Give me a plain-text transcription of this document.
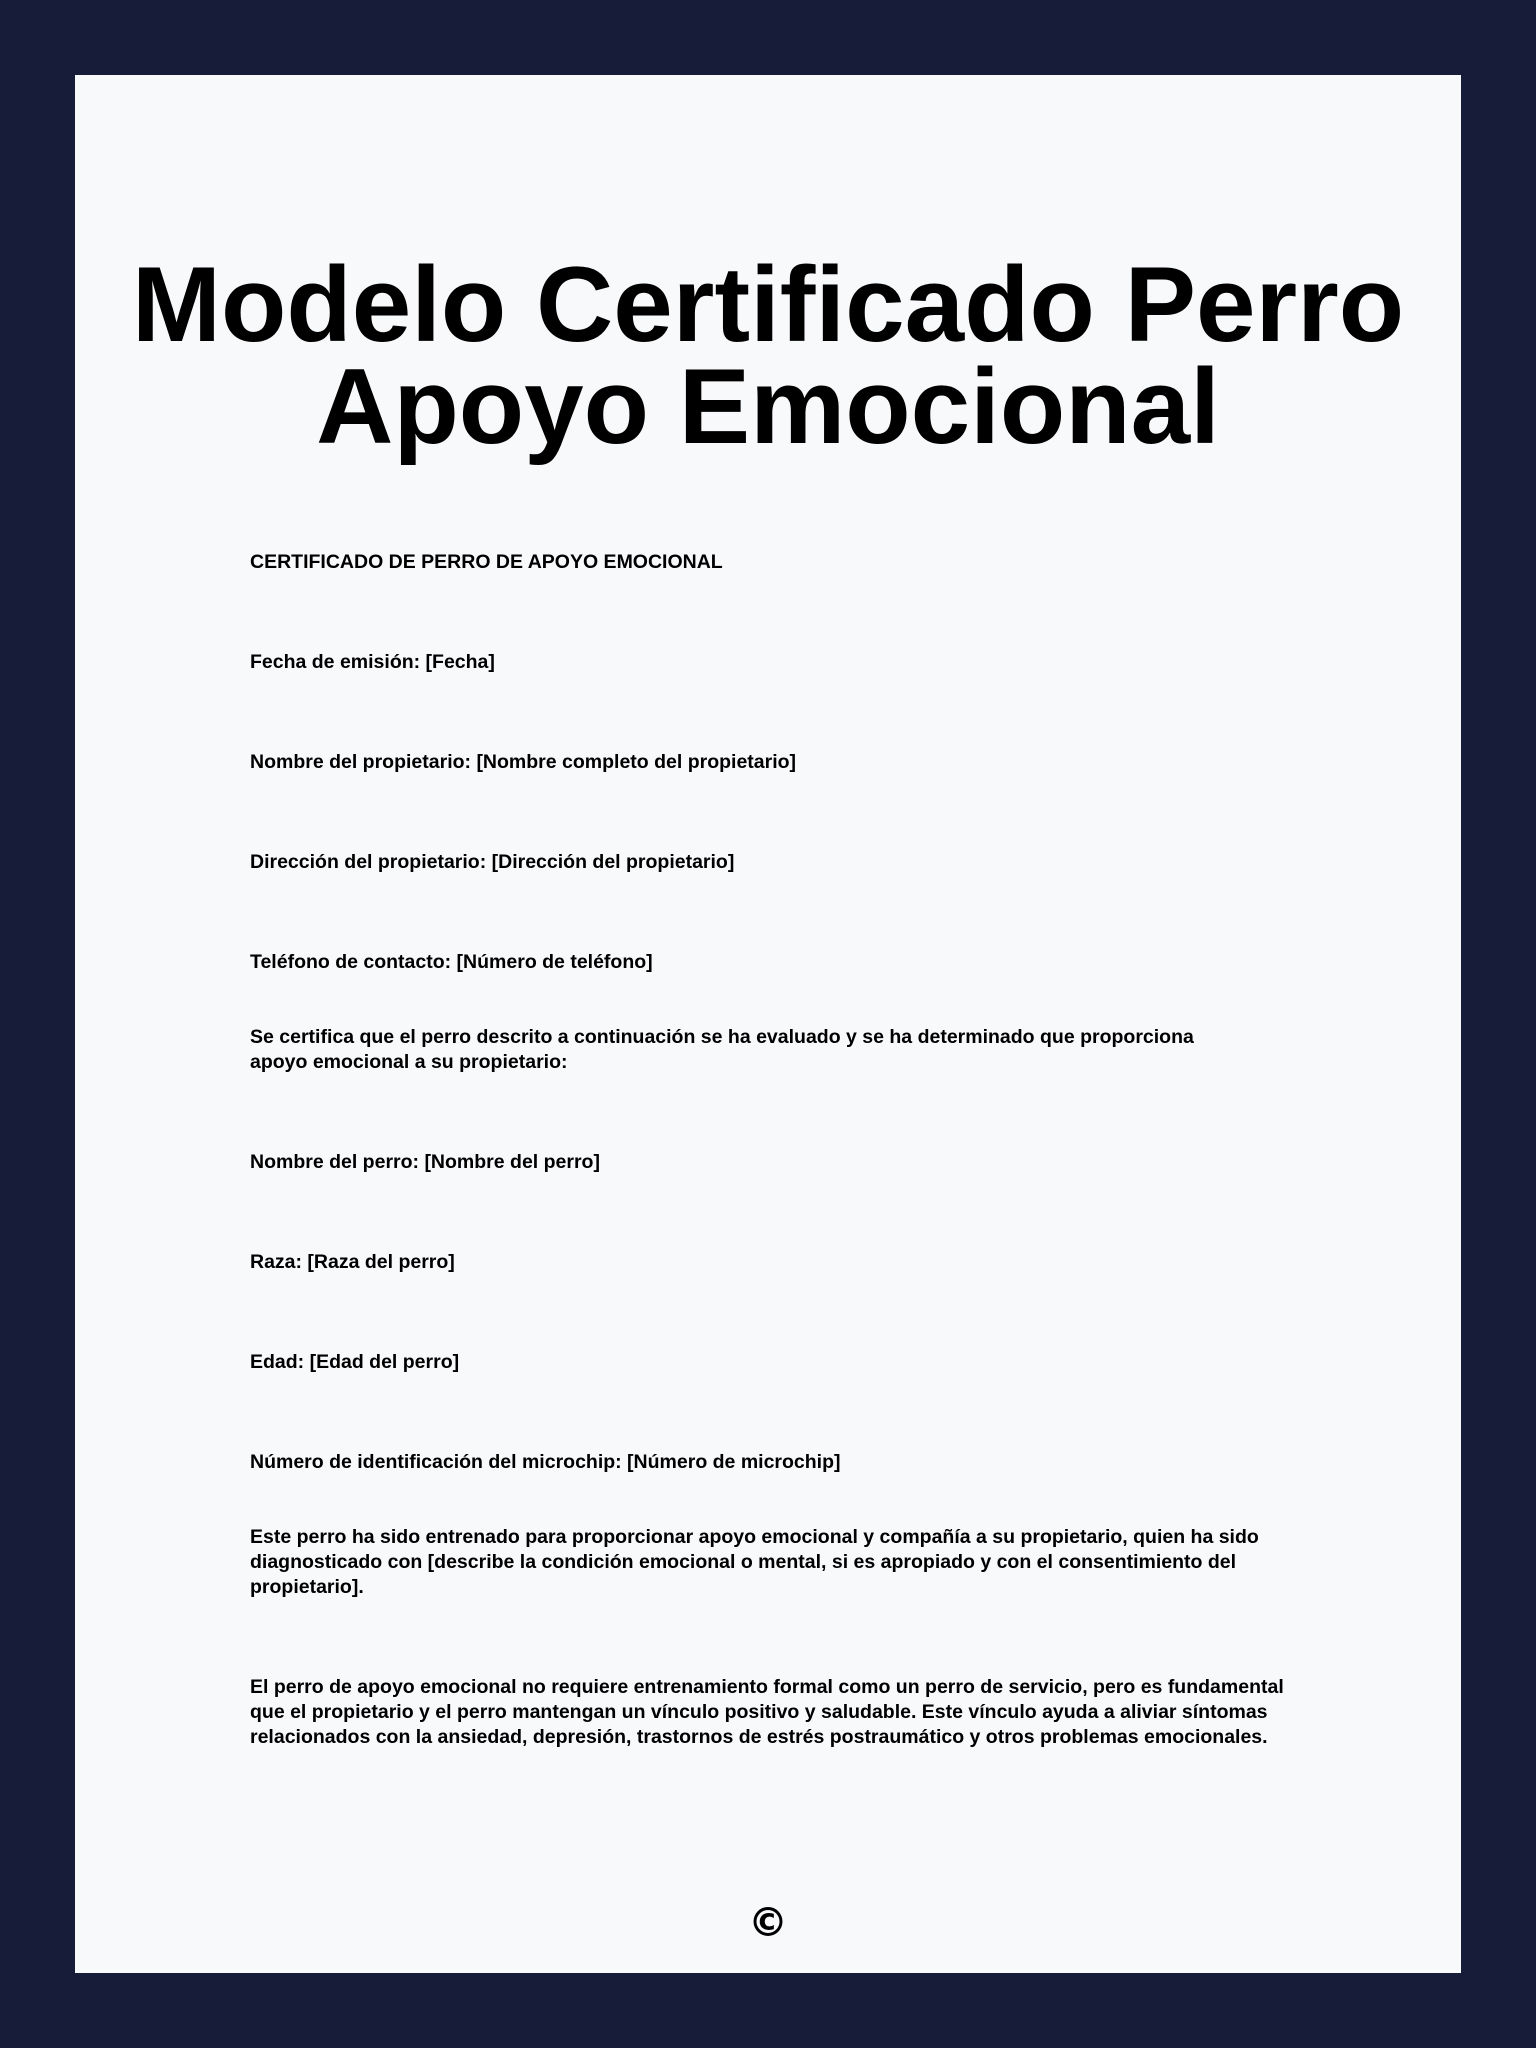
Modelo Certificado Perro Apoyo Emocional

CERTIFICADO DE PERRO DE APOYO EMOCIONAL

Fecha de emisión: [Fecha]

Nombre del propietario: [Nombre completo del propietario]

Dirección del propietario: [Dirección del propietario]

Teléfono de contacto: [Número de teléfono]

Se certifica que el perro descrito a continuación se ha evaluado y se ha determinado que proporciona apoyo emocional a su propietario:

Nombre del perro: [Nombre del perro]

Raza: [Raza del perro]

Edad: [Edad del perro]

Número de identificación del microchip: [Número de microchip]

Este perro ha sido entrenado para proporcionar apoyo emocional y compañía a su propietario, quien ha sido diagnosticado con [describe la condición emocional o mental, si es apropiado y con el consentimiento del propietario].

El perro de apoyo emocional no requiere entrenamiento formal como un perro de servicio, pero es fundamental que el propietario y el perro mantengan un vínculo positivo y saludable. Este vínculo ayuda a aliviar síntomas relacionados con la ansiedad, depresión, trastornos de estrés postraumático y otros problemas emocionales.

©
